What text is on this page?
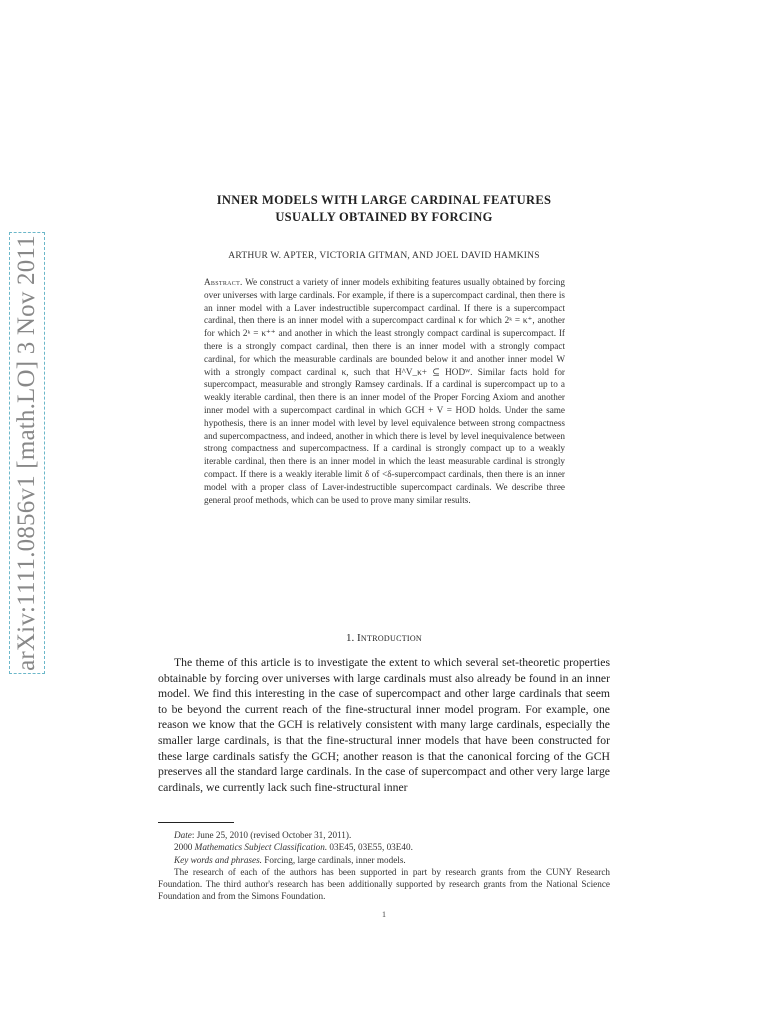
arXiv:1111.0856v1 [math.LO] 3 Nov 2011
INNER MODELS WITH LARGE CARDINAL FEATURES
USUALLY OBTAINED BY FORCING
ARTHUR W. APTER, VICTORIA GITMAN, AND JOEL DAVID HAMKINS
Abstract. We construct a variety of inner models exhibiting features usually obtained by forcing over universes with large cardinals. For example, if there is a supercompact cardinal, then there is an inner model with a Laver indestructible supercompact cardinal. If there is a supercompact cardinal, then there is an inner model with a supercompact cardinal κ for which 2ᵏ = κ⁺, another for which 2ᵏ = κ⁺⁺ and another in which the least strongly compact cardinal is supercompact. If there is a strongly compact cardinal, then there is an inner model with a strongly compact cardinal, for which the measurable cardinals are bounded below it and another inner model W with a strongly compact cardinal κ, such that H^V_κ+ ⊆ HODᵂ. Similar facts hold for supercompact, measurable and strongly Ramsey cardinals. If a cardinal is supercompact up to a weakly iterable cardinal, then there is an inner model of the Proper Forcing Axiom and another inner model with a supercompact cardinal in which GCH + V = HOD holds. Under the same hypothesis, there is an inner model with level by level equivalence between strong compactness and supercompactness, and indeed, another in which there is level by level inequivalence between strong compactness and supercompactness. If a cardinal is strongly compact up to a weakly iterable cardinal, then there is an inner model in which the least measurable cardinal is strongly compact. If there is a weakly iterable limit δ of <δ-supercompact cardinals, then there is an inner model with a proper class of Laver-indestructible supercompact cardinals. We describe three general proof methods, which can be used to prove many similar results.
1. Introduction
The theme of this article is to investigate the extent to which several set-theoretic properties obtainable by forcing over universes with large cardinals must also already be found in an inner model. We find this interesting in the case of supercompact and other large cardinals that seem to be beyond the current reach of the fine-structural inner model program. For example, one reason we know that the GCH is relatively consistent with many large cardinals, especially the smaller large cardinals, is that the fine-structural inner models that have been constructed for these large cardinals satisfy the GCH; another reason is that the canonical forcing of the GCH preserves all the standard large cardinals. In the case of supercompact and other very large large cardinals, we currently lack such fine-structural inner

Date: June 25, 2010 (revised October 31, 2011).

2000 Mathematics Subject Classification. 03E45, 03E55, 03E40.

Key words and phrases. Forcing, large cardinals, inner models.

The research of each of the authors has been supported in part by research grants from the CUNY Research Foundation. The third author's research has been additionally supported by research grants from the National Science Foundation and from the Simons Foundation.

1
